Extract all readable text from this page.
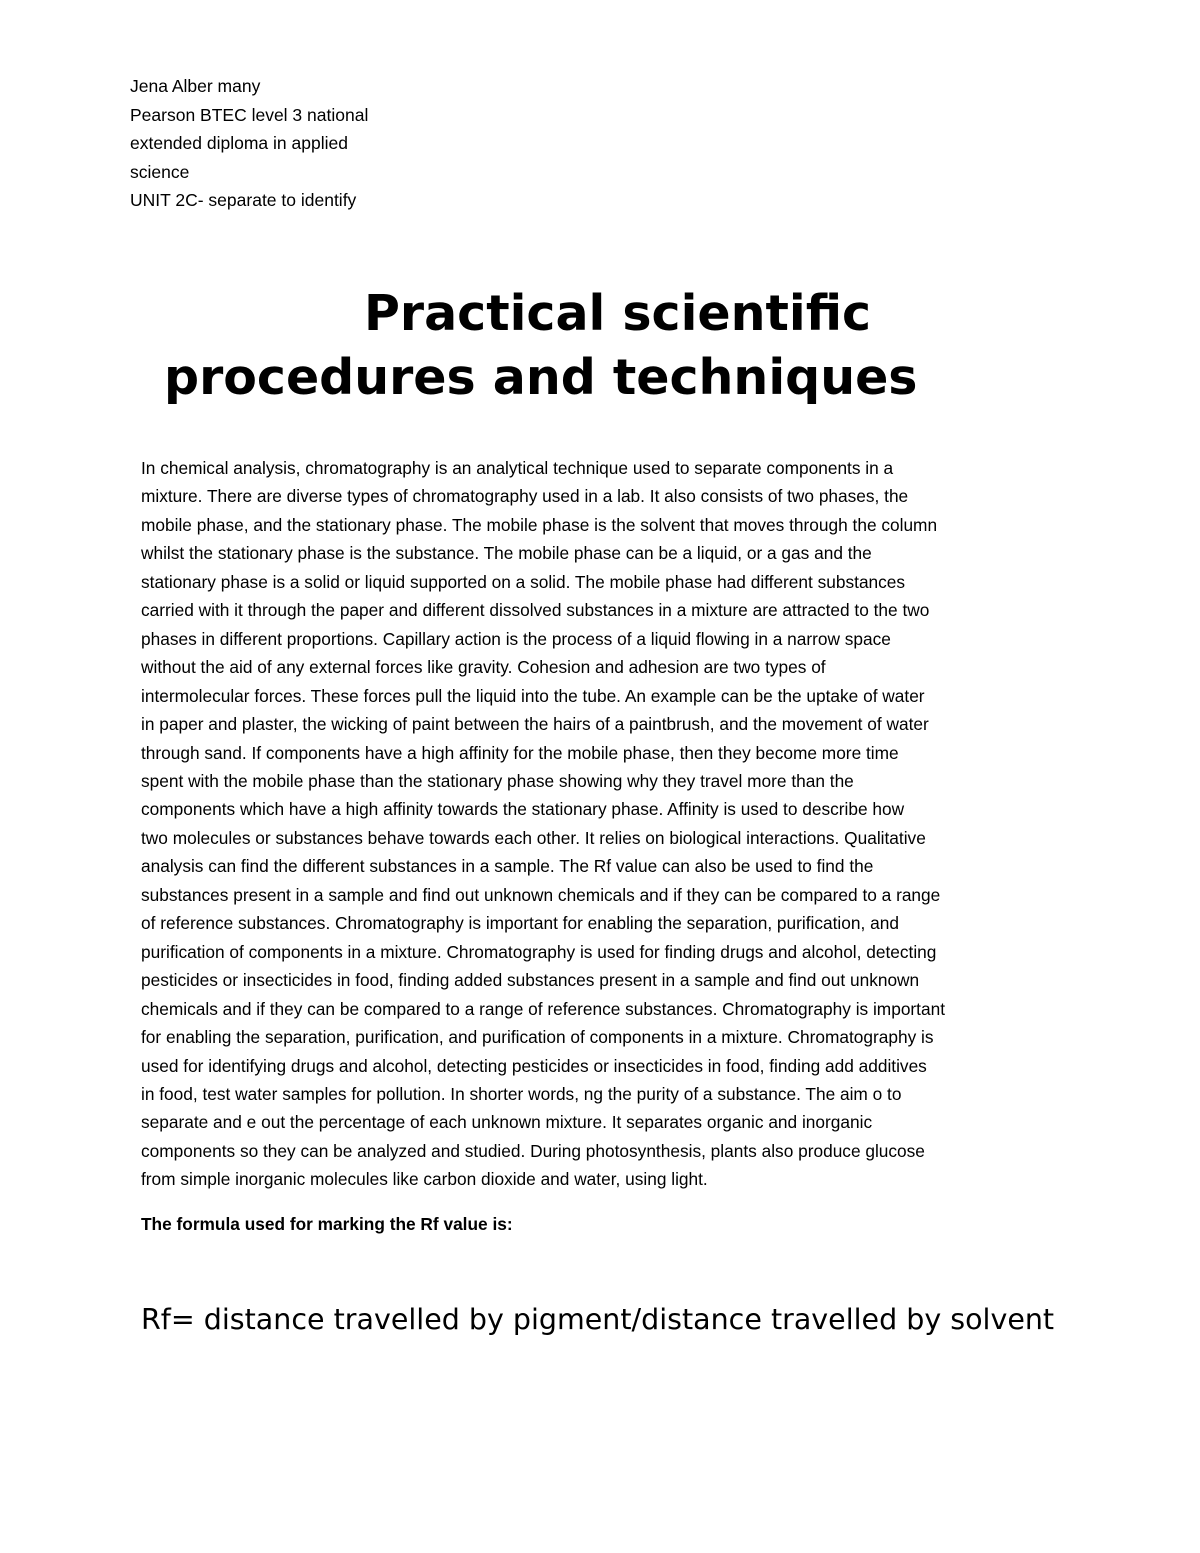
Jena Alber many
Pearson BTEC level 3 national
extended diploma in applied
science
UNIT 2C- separate to identify
Practical scientific
procedures and techniques
In chemical analysis, chromatography is an analytical technique used to separate components in a
mixture. There are diverse types of chromatography used in a lab. It also consists of two phases, the
mobile phase, and the stationary phase. The mobile phase is the solvent that moves through the column
whilst the stationary phase is the substance. The mobile phase can be a liquid, or a gas and the
stationary phase is a solid or liquid supported on a solid. The mobile phase had different substances
carried with it through the paper and different dissolved substances in a mixture are attracted to the two
phases in different proportions. Capillary action is the process of a liquid flowing in a narrow space
without the aid of any external forces like gravity. Cohesion and adhesion are two types of
intermolecular forces. These forces pull the liquid into the tube. An example can be the uptake of water
in paper and plaster, the wicking of paint between the hairs of a paintbrush, and the movement of water
through sand. If components have a high affinity for the mobile phase, then they become more time
spent with the mobile phase than the stationary phase showing why they travel more than the
components which have a high affinity towards the stationary phase. Affinity is used to describe how
two molecules or substances behave towards each other. It relies on biological interactions. Qualitative
analysis can find the different substances in a sample. The Rf value can also be used to find the
substances present in a sample and find out unknown chemicals and if they can be compared to a range
of reference substances. Chromatography is important for enabling the separation, purification, and
purification of components in a mixture. Chromatography is used for finding drugs and alcohol, detecting
pesticides or insecticides in food, finding added substances present in a sample and find out unknown
chemicals and if they can be compared to a range of reference substances. Chromatography is important
for enabling the separation, purification, and purification of components in a mixture. Chromatography is
used for identifying drugs and alcohol, detecting pesticides or insecticides in food, finding add additives
in food, test water samples for pollution. In shorter words, ng the purity of a substance. The aim o to
separate and e out the percentage of each unknown mixture. It separates organic and inorganic
components so they can be analyzed and studied. During photosynthesis, plants also produce glucose
from simple inorganic molecules like carbon dioxide and water, using light.
The formula used for marking the Rf value is:
Rf= distance travelled by pigment/distance travelled by solvent
